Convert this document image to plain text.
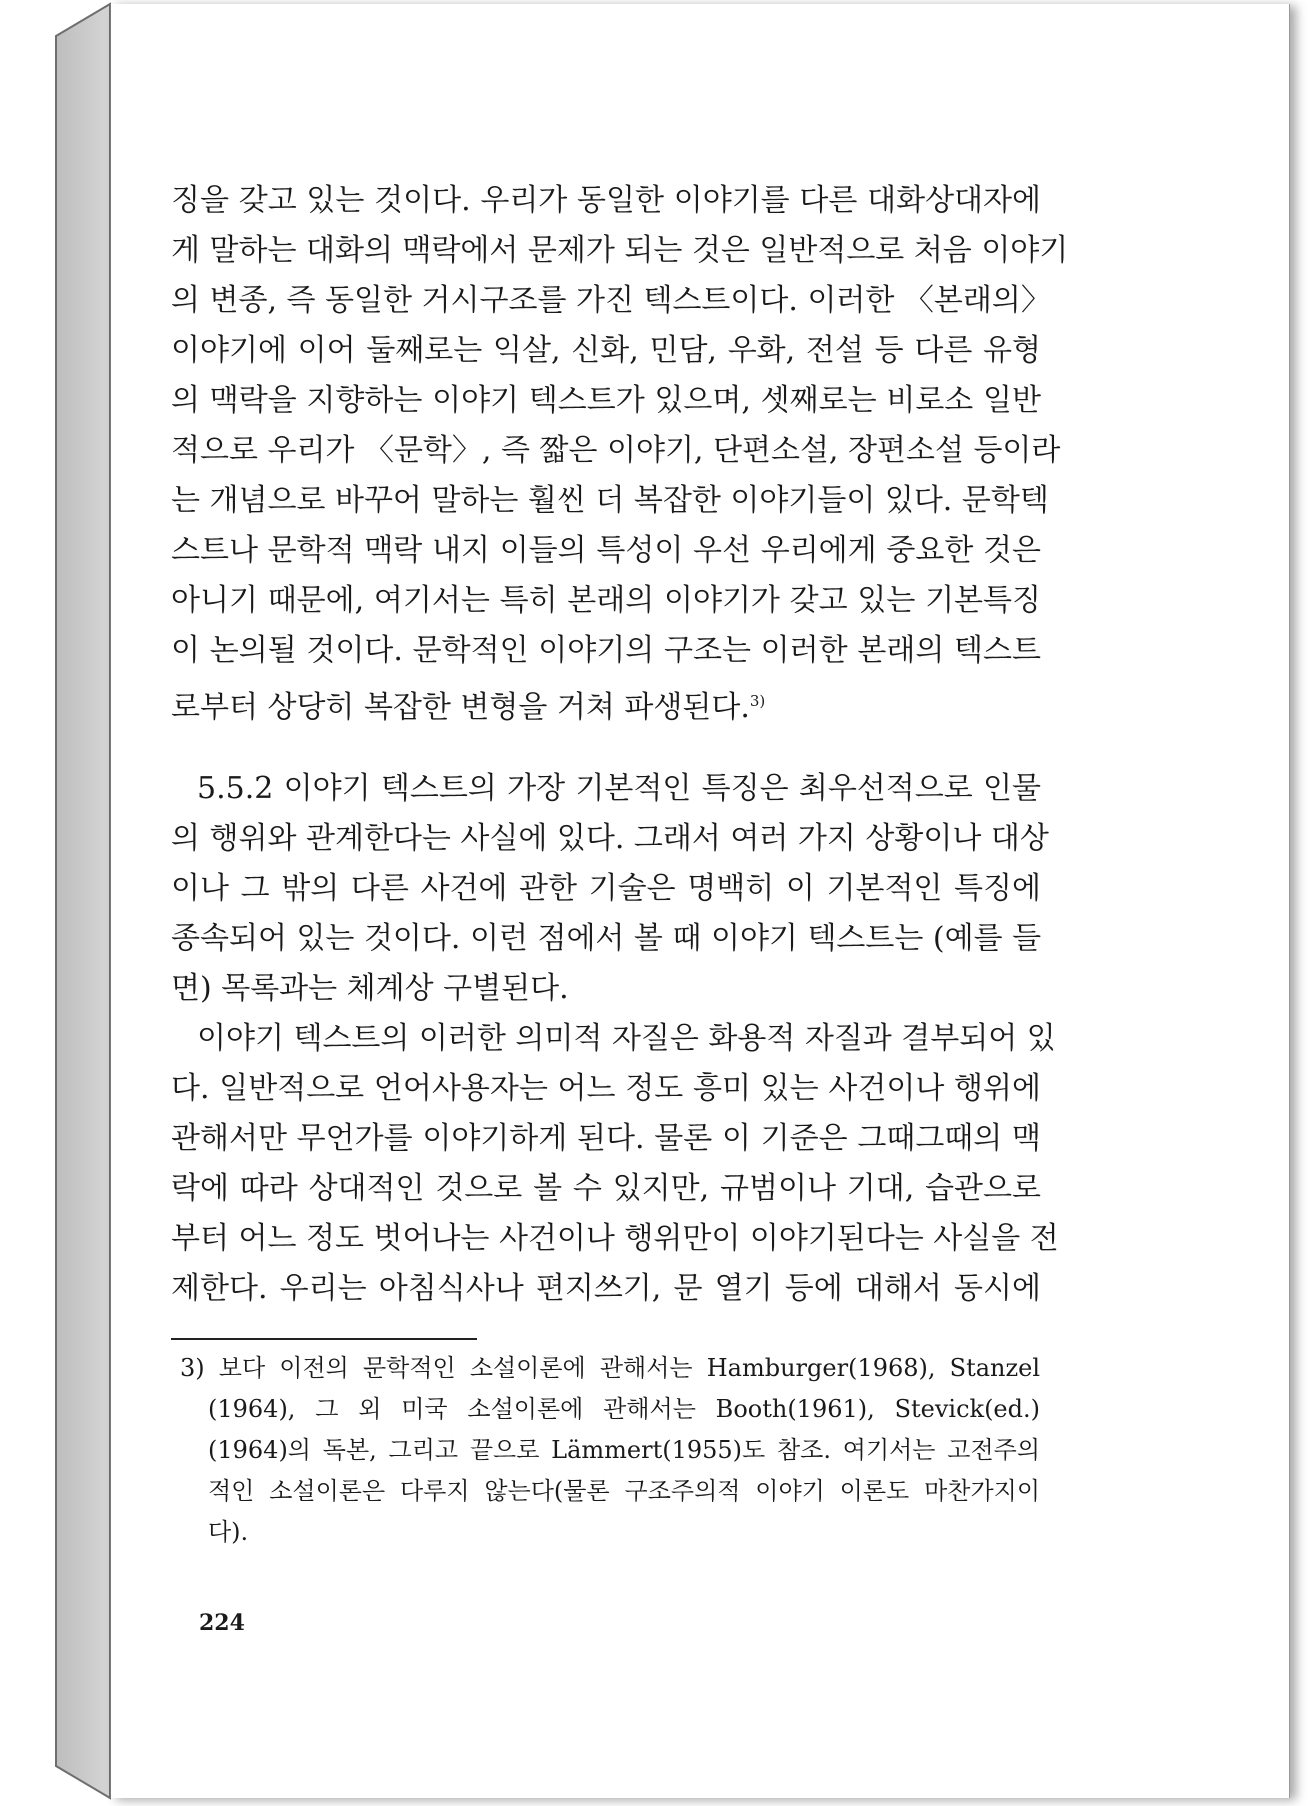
징을 갖고 있는 것이다. 우리가 동일한 이야기를 다른 대화상대자에
게 말하는 대화의 맥락에서 문제가 되는 것은 일반적으로 처음 이야기
의 변종, 즉 동일한 거시구조를 가진 텍스트이다. 이러한 〈본래의〉
이야기에 이어 둘째로는 익살, 신화, 민담, 우화, 전설 등 다른 유형
의 맥락을 지향하는 이야기 텍스트가 있으며, 셋째로는 비로소 일반
적으로 우리가 〈문학〉, 즉 짧은 이야기, 단편소설, 장편소설 등이라
는 개념으로 바꾸어 말하는 훨씬 더 복잡한 이야기들이 있다. 문학텍
스트나 문학적 맥락 내지 이들의 특성이 우선 우리에게 중요한 것은
아니기 때문에, 여기서는 특히 본래의 이야기가 갖고 있는 기본특징
이 논의될 것이다. 문학적인 이야기의 구조는 이러한 본래의 텍스트
로부터 상당히 복잡한 변형을 거쳐 파생된다.$^{3)}$
5.5.2 이야기 텍스트의 가장 기본적인 특징은 최우선적으로 인물
의 행위와 관계한다는 사실에 있다. 그래서 여러 가지 상황이나 대상
이나 그 밖의 다른 사건에 관한 기술은 명백히 이 기본적인 특징에
종속되어 있는 것이다. 이런 점에서 볼 때 이야기 텍스트는 (예를 들
면) 목록과는 체계상 구별된다.
이야기 텍스트의 이러한 의미적 자질은 화용적 자질과 결부되어 있
다. 일반적으로 언어사용자는 어느 정도 흥미 있는 사건이나 행위에
관해서만 무언가를 이야기하게 된다. 물론 이 기준은 그때그때의 맥
락에 따라 상대적인 것으로 볼 수 있지만, 규범이나 기대, 습관으로
부터 어느 정도 벗어나는 사건이나 행위만이 이야기된다는 사실을 전
제한다. 우리는 아침식사나 편지쓰기, 문 열기 등에 대해서 동시에
3) 보다 이전의 문학적인 소설이론에 관해서는 Hamburger(1968), Stanzel
(1964), 그 외 미국 소설이론에 관해서는 Booth(1961), Stevick(ed.)
(1964)의 독본, 그리고 끝으로 Lämmert(1955)도 참조. 여기서는 고전주의
적인 소설이론은 다루지 않는다(물론 구조주의적 이야기 이론도 마찬가지이
다).
224
